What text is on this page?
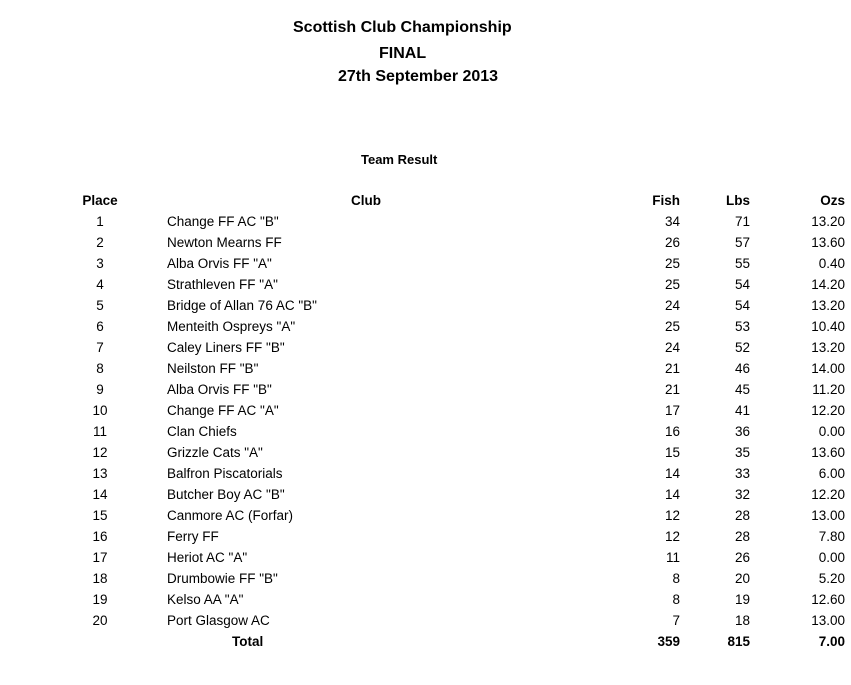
Scottish Club Championship
FINAL
27th September 2013
Team Result
Place	Club	Fish	Lbs	Ozs
1	Change FF AC "B"	34	71	13.20
2	Newton Mearns FF	26	57	13.60
3	Alba Orvis FF "A"	25	55	0.40
4	Strathleven FF "A"	25	54	14.20
5	Bridge of Allan 76 AC "B"	24	54	13.20
6	Menteith Ospreys "A"	25	53	10.40
7	Caley Liners FF "B"	24	52	13.20
8	Neilston FF "B"	21	46	14.00
9	Alba Orvis FF "B"	21	45	11.20
10	Change FF AC "A"	17	41	12.20
11	Clan Chiefs	16	36	0.00
12	Grizzle Cats "A"	15	35	13.60
13	Balfron Piscatorials	14	33	6.00
14	Butcher Boy AC "B"	14	32	12.20
15	Canmore AC (Forfar)	12	28	13.00
16	Ferry FF	12	28	7.80
17	Heriot AC "A"	11	26	0.00
18	Drumbowie FF "B"	8	20	5.20
19	Kelso AA "A"	8	19	12.60
20	Port Glasgow AC	7	18	13.00
	Total	359	815	7.00
